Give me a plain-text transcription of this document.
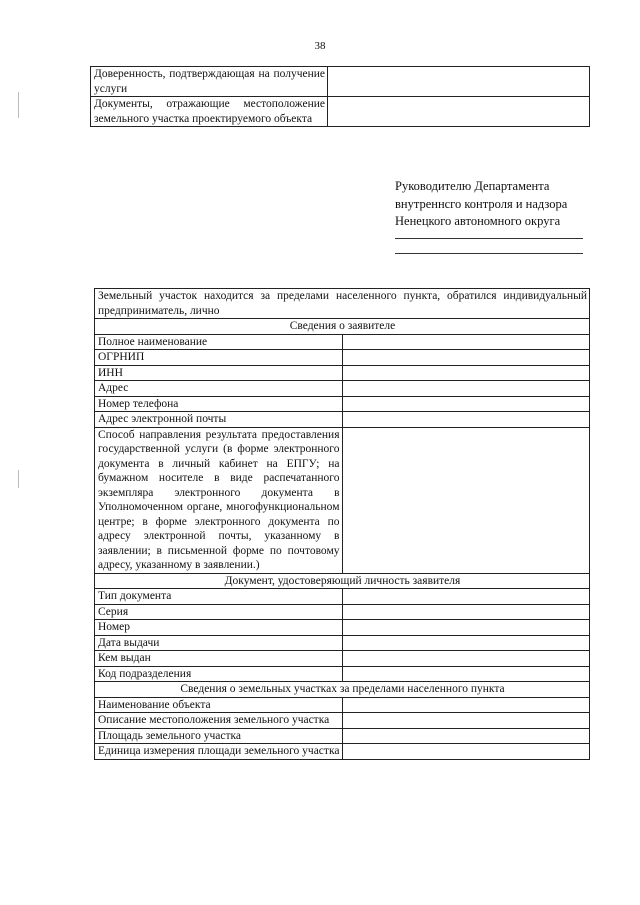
38
Доверенность, подтверждающая на получение услуги	
Документы, отражающие местоположение земельного участка проектируемого объекта	
Руководителю Департамента
внутреннсго контроля и надзора
Ненецкого автономного округа
Земельный участок находится за пределами населенного пункта, обратился индивидуальный предприниматель, лично	
Сведения о заявителе	
Полное наименование	
ОГРНИП	
ИНН	
Адрес	
Номер телефона	
Адрес электронной почты	
Способ направления результата предоставления государственной услуги (в форме электронного документа в личный кабинет на ЕПГУ; на бумажном носителе в виде распечатанного экземпляра электронного документа в Уполномоченном органе, многофункциональном центре; в форме электронного документа по адресу электронной почты, указанному в заявлении; в письменной форме по почтовому адресу, указанному в заявлении.)	
Документ, удостоверяющий личность заявителя	
Тип документа	
Серия	
Номер	
Дата выдачи	
Кем выдан	
Код подразделения	
Сведения о земельных участках за пределами населенного пункта	
Наименование объекта	
Описание местоположения земельного участка	
Площадь земельного участка	
Единица измерения площади земельного участка	
